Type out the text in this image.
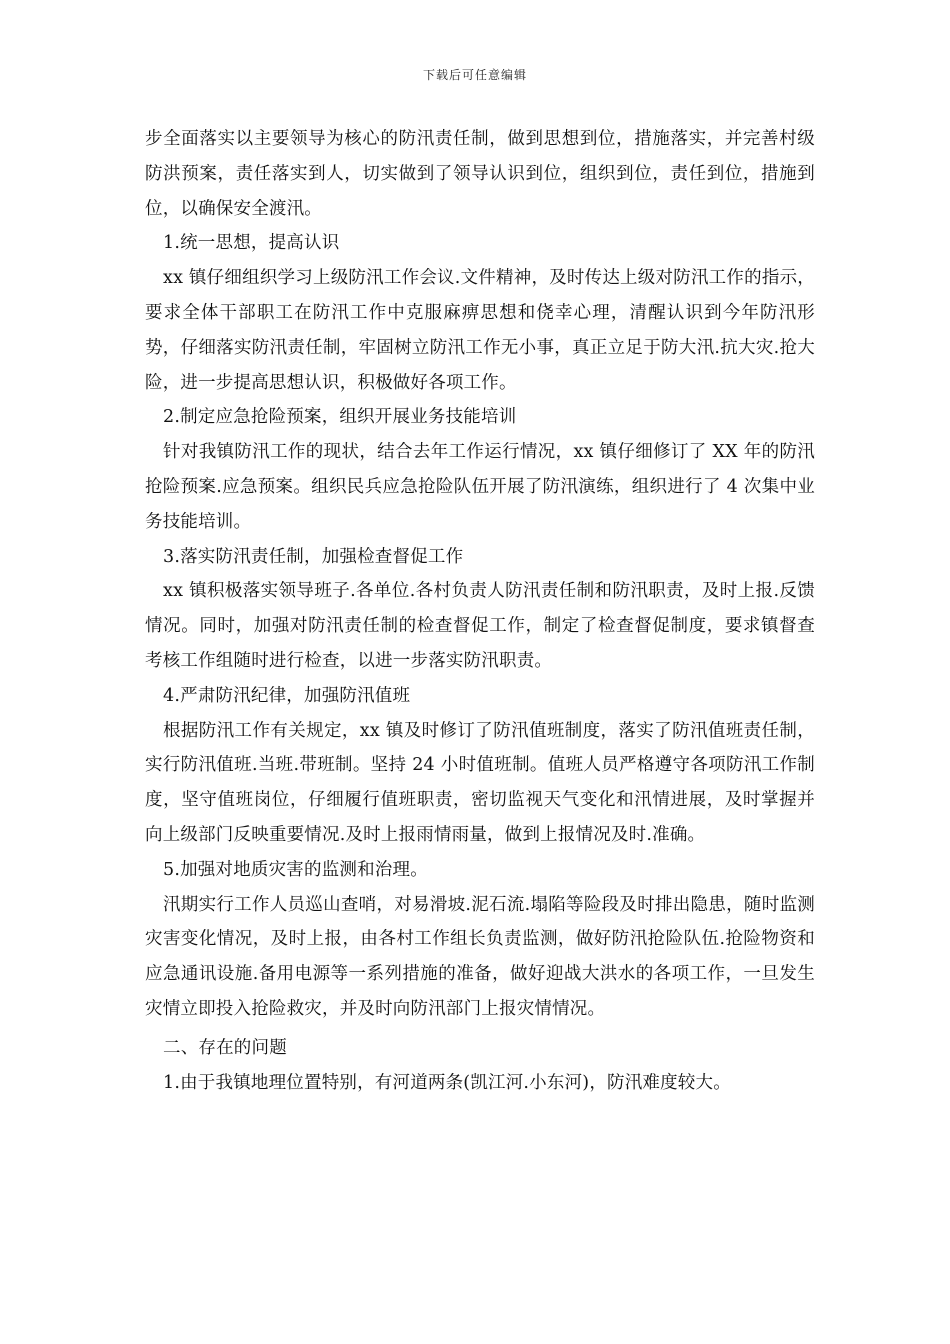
下载后可任意编辑

步全面落实以主要领导为核心的防汛责任制，做到思想到位，措施落实，并完善村级防洪预案，责任落实到人，切实做到了领导认识到位，组织到位，责任到位，措施到位，以确保安全渡汛。

1.统一思想，提高认识

xx 镇仔细组织学习上级防汛工作会议.文件精神，及时传达上级对防汛工作的指示，要求全体干部职工在防汛工作中克服麻痹思想和侥幸心理，清醒认识到今年防汛形势，仔细落实防汛责任制，牢固树立防汛工作无小事，真正立足于防大汛.抗大灾.抢大险，进一步提高思想认识，积极做好各项工作。

2.制定应急抢险预案，组织开展业务技能培训

针对我镇防汛工作的现状，结合去年工作运行情况，xx 镇仔细修订了 XX 年的防汛抢险预案.应急预案。组织民兵应急抢险队伍开展了防汛演练，组织进行了 4 次集中业务技能培训。

3.落实防汛责任制，加强检查督促工作

xx 镇积极落实领导班子.各单位.各村负责人防汛责任制和防汛职责，及时上报.反馈情况。同时，加强对防汛责任制的检查督促工作，制定了检查督促制度，要求镇督查考核工作组随时进行检查，以进一步落实防汛职责。

4.严肃防汛纪律，加强防汛值班

根据防汛工作有关规定，xx 镇及时修订了防汛值班制度，落实了防汛值班责任制，实行防汛值班.当班.带班制。坚持 24 小时值班制。值班人员严格遵守各项防汛工作制度，坚守值班岗位，仔细履行值班职责，密切监视天气变化和汛情进展，及时掌握并向上级部门反映重要情况.及时上报雨情雨量，做到上报情况及时.准确。

5.加强对地质灾害的监测和治理。

汛期实行工作人员巡山查哨，对易滑坡.泥石流.塌陷等险段及时排出隐患，随时监测灾害变化情况，及时上报，由各村工作组长负责监测，做好防汛抢险队伍.抢险物资和应急通讯设施.备用电源等一系列措施的准备，做好迎战大洪水的各项工作，一旦发生灾情立即投入抢险救灾，并及时向防汛部门上报灾情情况。

二、存在的问题

1.由于我镇地理位置特别，有河道两条(凯江河.小东河)，防汛难度较大。
